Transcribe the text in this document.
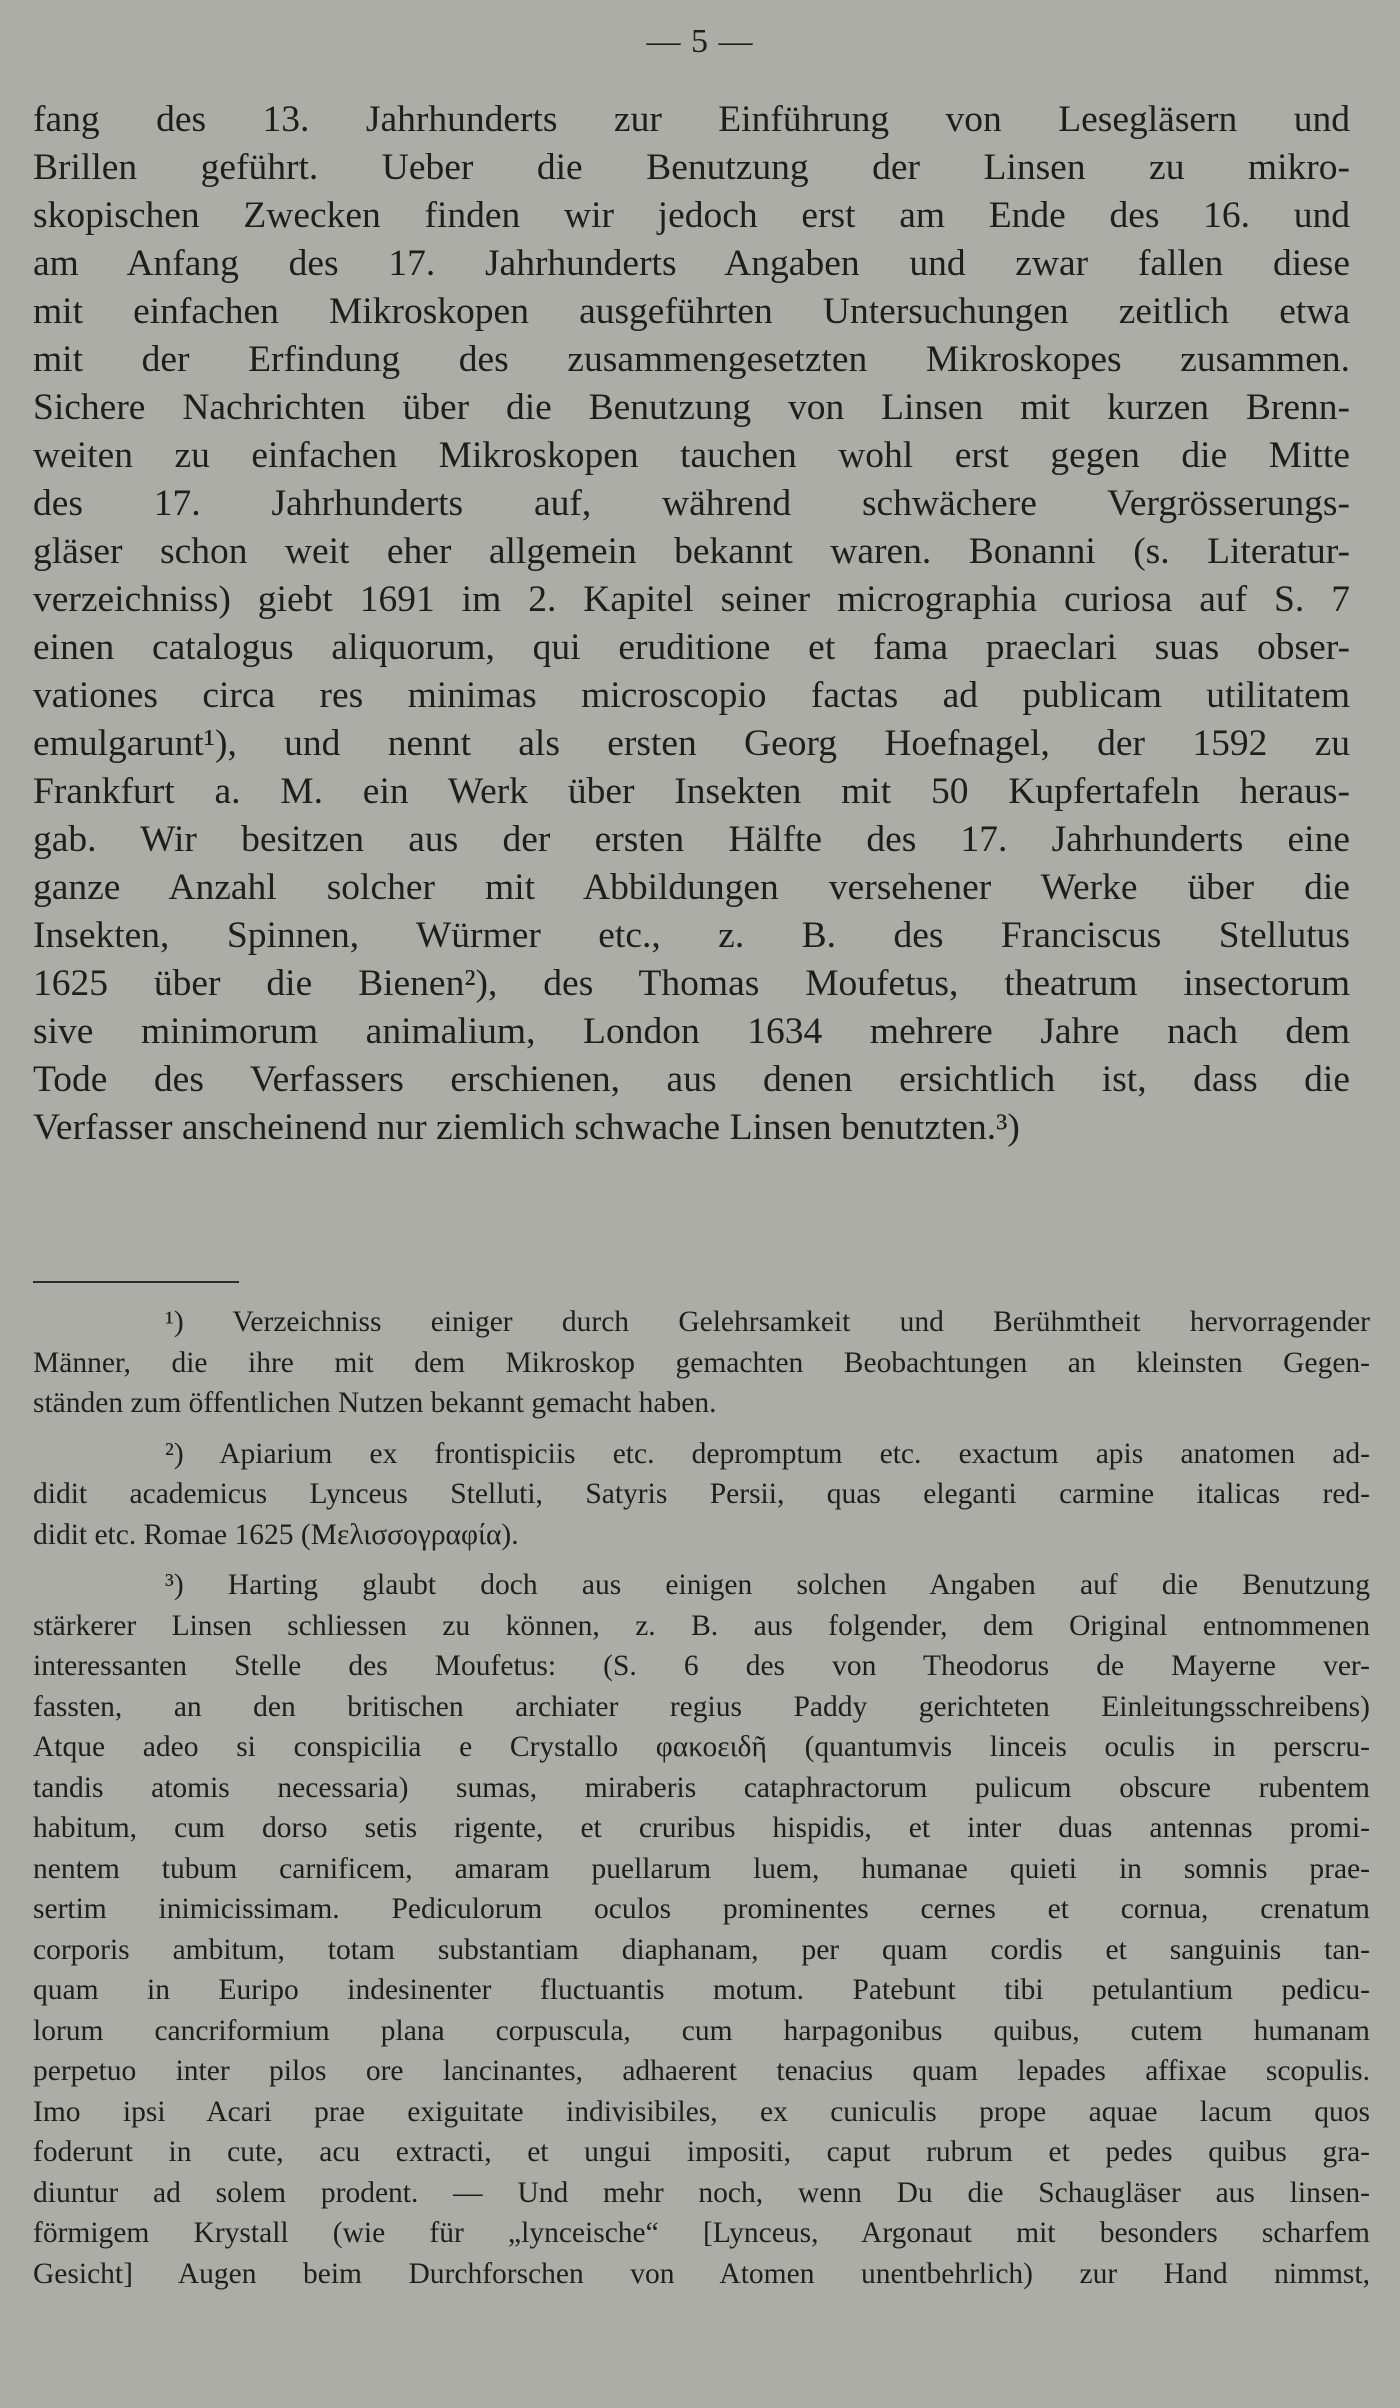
— 5 —
fang des 13. Jahrhunderts zur Einführung von Lesegläsern und
Brillen geführt. Ueber die Benutzung der Linsen zu mikro-
skopischen Zwecken finden wir jedoch erst am Ende des 16. und
am Anfang des 17. Jahrhunderts Angaben und zwar fallen diese
mit einfachen Mikroskopen ausgeführten Untersuchungen zeitlich etwa
mit der Erfindung des zusammengesetzten Mikroskopes zusammen.
Sichere Nachrichten über die Benutzung von Linsen mit kurzen Brenn-
weiten zu einfachen Mikroskopen tauchen wohl erst gegen die Mitte
des 17. Jahrhunderts auf, während schwächere Vergrösserungs-
gläser schon weit eher allgemein bekannt waren. Bonanni (s. Literatur-
verzeichniss) giebt 1691 im 2. Kapitel seiner micrographia curiosa auf S. 7
einen catalogus aliquorum, qui eruditione et fama praeclari suas obser-
vationes circa res minimas microscopio factas ad publicam utilitatem
emulgarunt¹), und nennt als ersten Georg Hoefnagel, der 1592 zu
Frankfurt a. M. ein Werk über Insekten mit 50 Kupfertafeln heraus-
gab. Wir besitzen aus der ersten Hälfte des 17. Jahrhunderts eine
ganze Anzahl solcher mit Abbildungen versehener Werke über die
Insekten, Spinnen, Würmer etc., z. B. des Franciscus Stellutus
1625 über die Bienen²), des Thomas Moufetus, theatrum insectorum
sive minimorum animalium, London 1634 mehrere Jahre nach dem
Tode des Verfassers erschienen, aus denen ersichtlich ist, dass die
Verfasser anscheinend nur ziemlich schwache Linsen benutzten.³)
¹) Verzeichniss einiger durch Gelehrsamkeit und Berühmtheit hervorragender
Männer, die ihre mit dem Mikroskop gemachten Beobachtungen an kleinsten Gegen-
ständen zum öffentlichen Nutzen bekannt gemacht haben.
²) Apiarium ex frontispiciis etc. depromptum etc. exactum apis anatomen ad-
didit academicus Lynceus Stelluti, Satyris Persii, quas eleganti carmine italicas red-
didit etc. Romae 1625 (Μελισσογραφία).
³) Harting glaubt doch aus einigen solchen Angaben auf die Benutzung
stärkerer Linsen schliessen zu können, z. B. aus folgender, dem Original entnommenen
interessanten Stelle des Moufetus: (S. 6 des von Theodorus de Mayerne ver-
fassten, an den britischen archiater regius Paddy gerichteten Einleitungsschreibens)
Atque adeo si conspicilia e Crystallo φακοειδῆ (quantumvis linceis oculis in perscru-
tandis atomis necessaria) sumas, miraberis cataphractorum pulicum obscure rubentem
habitum, cum dorso setis rigente, et cruribus hispidis, et inter duas antennas promi-
nentem tubum carnificem, amaram puellarum luem, humanae quieti in somnis prae-
sertim inimicissimam. Pediculorum oculos prominentes cernes et cornua, crenatum
corporis ambitum, totam substantiam diaphanam, per quam cordis et sanguinis tan-
quam in Euripo indesinenter fluctuantis motum. Patebunt tibi petulantium pedicu-
lorum cancriformium plana corpuscula, cum harpagonibus quibus, cutem humanam
perpetuo inter pilos ore lancinantes, adhaerent tenacius quam lepades affixae scopulis.
Imo ipsi Acari prae exiguitate indivisibiles, ex cuniculis prope aquae lacum quos
foderunt in cute, acu extracti, et ungui impositi, caput rubrum et pedes quibus gra-
diuntur ad solem prodent. — Und mehr noch, wenn Du die Schaugläser aus linsen-
förmigem Krystall (wie für „lynceische“ [Lynceus, Argonaut mit besonders scharfem
Gesicht] Augen beim Durchforschen von Atomen unentbehrlich) zur Hand nimmst,
